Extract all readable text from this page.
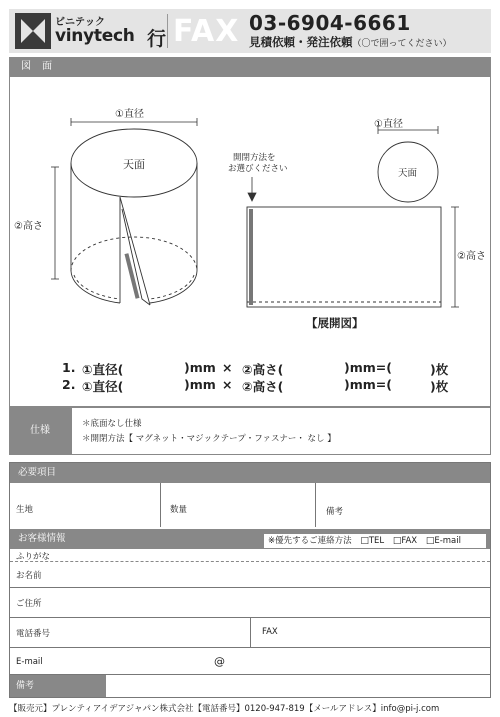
ビニテック
vinytech 行 FAX 03-6904-6661
見積依頼・発注依頼（〇で囲ってください）
図 面
①直径
天面
②高さ
開閉方法を
お選びください
①直径
天面
②高さ
【展開図】
1. ①直径(	)mm × ②高さ(	)mm=(	)枚
2. ①直径(	)mm × ②高さ(	)mm=(	)枚
仕様
＊底面なし仕様
＊開閉方法【 マグネット・マジックテープ・ファスナー・ なし 】
必要項目
生地	数量	備考
お客様情報	※優先するご連絡方法 □TEL □FAX □E-mail
ふりがな
お名前
ご住所
電話番号	FAX
E-mail	@
備考
【販売元】プレンティアイデアジャパン株式会社【電話番号】0120-947-819【メールアドレス】info@pi-j.com
